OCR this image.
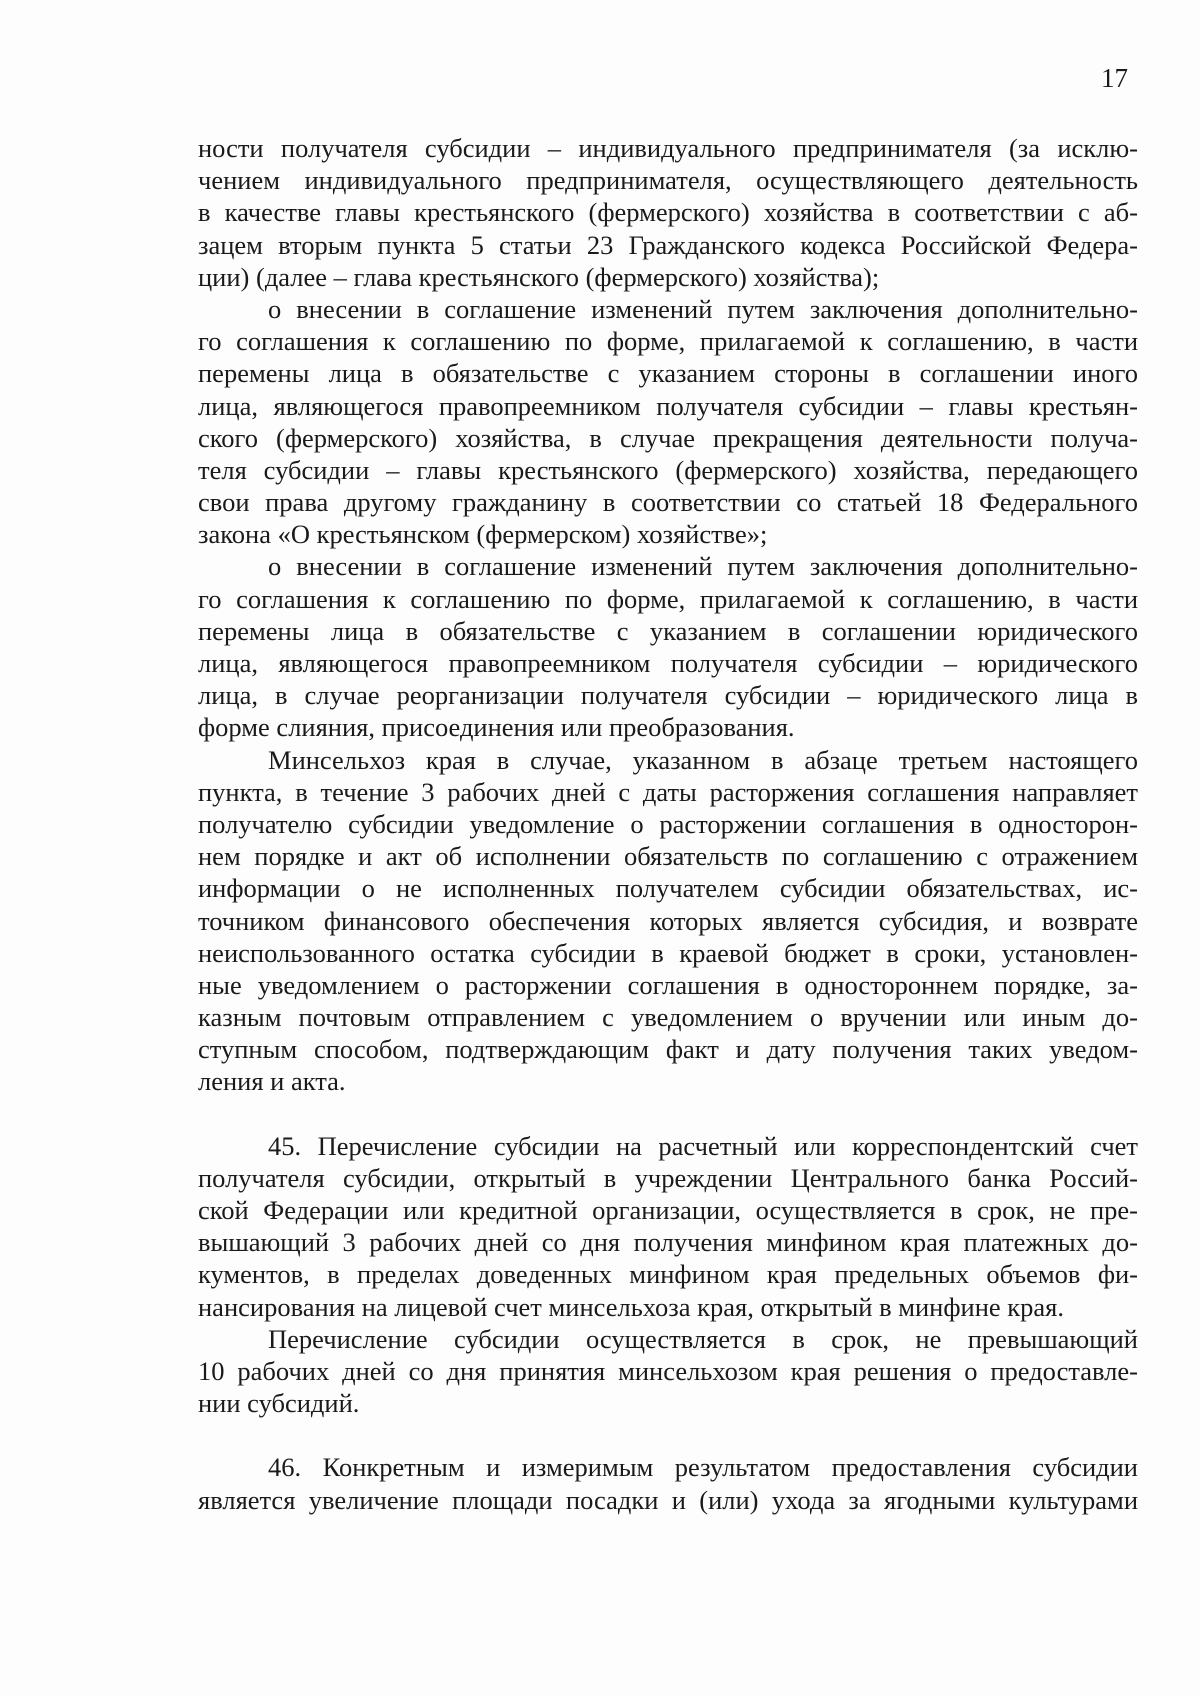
17
ности получателя субсидии – индивидуального предпринимателя (за исклю-
чением индивидуального предпринимателя, осуществляющего деятельность
в качестве главы крестьянского (фермерского) хозяйства в соответствии с аб-
зацем вторым пункта 5 статьи 23 Гражданского кодекса Российской Федера-
ции) (далее – глава крестьянского (фермерского) хозяйства);
о внесении в соглашение изменений путем заключения дополнительно-
го соглашения к соглашению по форме, прилагаемой к соглашению, в части
перемены лица в обязательстве с указанием стороны в соглашении иного
лица, являющегося правопреемником получателя субсидии – главы крестьян-
ского (фермерского) хозяйства, в случае прекращения деятельности получа-
теля субсидии – главы крестьянского (фермерского) хозяйства, передающего
свои права другому гражданину в соответствии со статьей 18 Федерального
закона «О крестьянском (фермерском) хозяйстве»;
о внесении в соглашение изменений путем заключения дополнительно-
го соглашения к соглашению по форме, прилагаемой к соглашению, в части
перемены лица в обязательстве с указанием в соглашении юридического
лица, являющегося правопреемником получателя субсидии – юридического
лица, в случае реорганизации получателя субсидии – юридического лица в
форме слияния, присоединения или преобразования.
Минсельхоз края в случае, указанном в абзаце третьем настоящего
пункта, в течение 3 рабочих дней с даты расторжения соглашения направляет
получателю субсидии уведомление о расторжении соглашения в односторон-
нем порядке и акт об исполнении обязательств по соглашению с отражением
информации о не исполненных получателем субсидии обязательствах, ис-
точником финансового обеспечения которых является субсидия, и возврате
неиспользованного остатка субсидии в краевой бюджет в сроки, установлен-
ные уведомлением о расторжении соглашения в одностороннем порядке, за-
казным почтовым отправлением с уведомлением о вручении или иным до-
ступным способом, подтверждающим факт и дату получения таких уведом-
ления и акта.
45. Перечисление субсидии на расчетный или корреспондентский счет
получателя субсидии, открытый в учреждении Центрального банка Россий-
ской Федерации или кредитной организации, осуществляется в срок, не пре-
вышающий 3 рабочих дней со дня получения минфином края платежных до-
кументов, в пределах доведенных минфином края предельных объемов фи-
нансирования на лицевой счет минсельхоза края, открытый в минфине края.
Перечисление субсидии осуществляется в срок, не превышающий
10 рабочих дней со дня принятия минсельхозом края решения о предоставле-
нии субсидий.
46. Конкретным и измеримым результатом предоставления субсидии
является увеличение площади посадки и (или) ухода за ягодными культурами
